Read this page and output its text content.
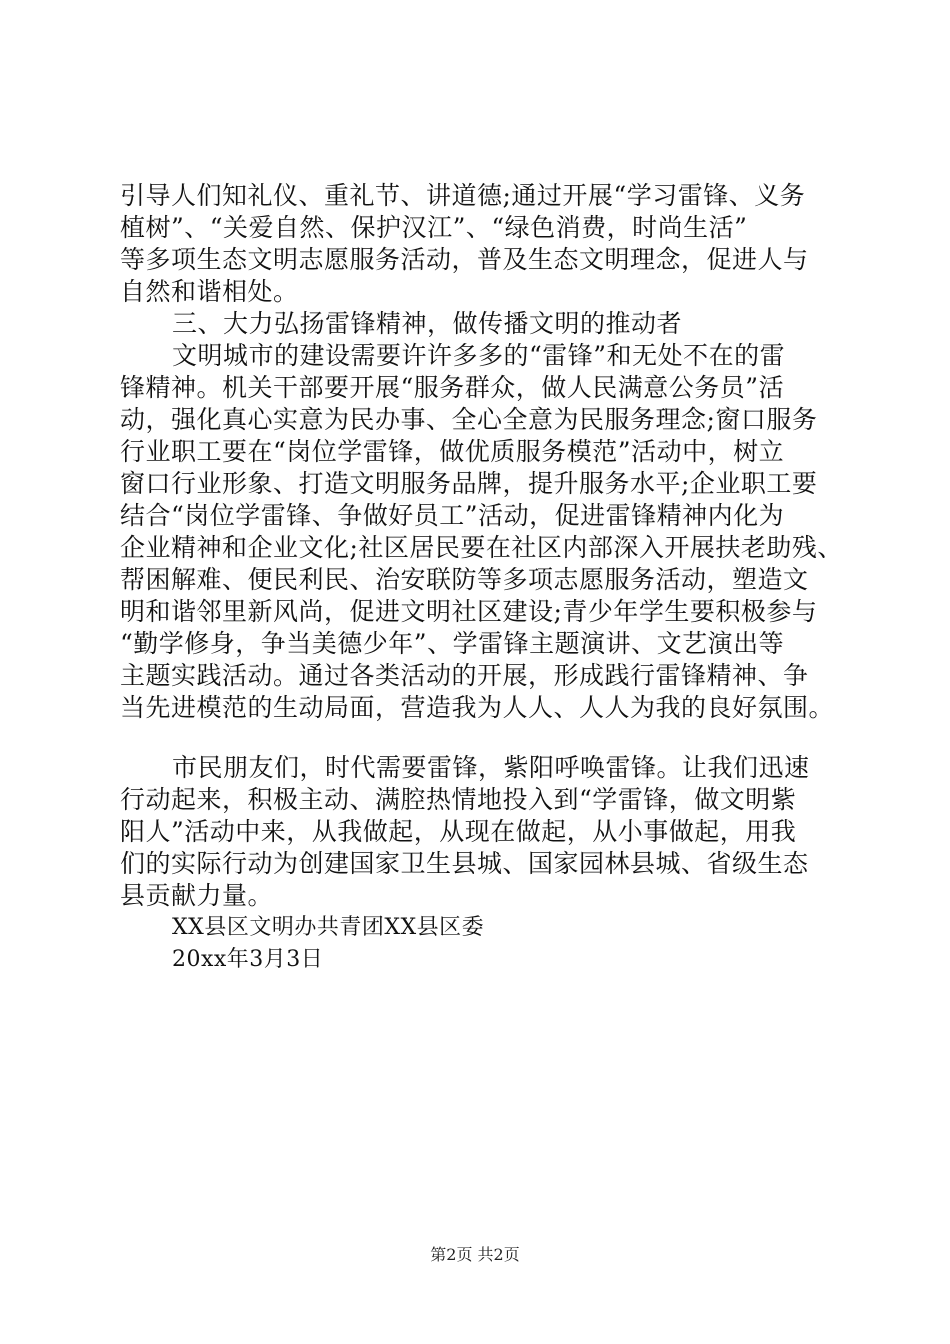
引导人们知礼仪、重礼节、讲道德;通过开展“学习雷锋、义务
植树”、“关爱自然、保护汉江”、“绿色消费，时尚生活”
等多项生态文明志愿服务活动，普及生态文明理念，促进人与
自然和谐相处。
三、大力弘扬雷锋精神，做传播文明的推动者
文明城市的建设需要许许多多的“雷锋”和无处不在的雷
锋精神。机关干部要开展“服务群众，做人民满意公务员”活
动，强化真心实意为民办事、全心全意为民服务理念;窗口服务
行业职工要在“岗位学雷锋，做优质服务模范”活动中，树立
窗口行业形象、打造文明服务品牌，提升服务水平;企业职工要
结合“岗位学雷锋、争做好员工”活动，促进雷锋精神内化为
企业精神和企业文化;社区居民要在社区内部深入开展扶老助残、
帮困解难、便民利民、治安联防等多项志愿服务活动，塑造文
明和谐邻里新风尚，促进文明社区建设;青少年学生要积极参与
“勤学修身，争当美德少年”、学雷锋主题演讲、文艺演出等
主题实践活动。通过各类活动的开展，形成践行雷锋精神、争
当先进模范的生动局面，营造我为人人、人人为我的良好氛围。
市民朋友们，时代需要雷锋，紫阳呼唤雷锋。让我们迅速
行动起来，积极主动、满腔热情地投入到“学雷锋，做文明紫
阳人”活动中来，从我做起，从现在做起，从小事做起，用我
们的实际行动为创建国家卫生县城、国家园林县城、省级生态
县贡献力量。
XX县区文明办共青团XX县区委
20xx年3月3日
第2页 共2页
